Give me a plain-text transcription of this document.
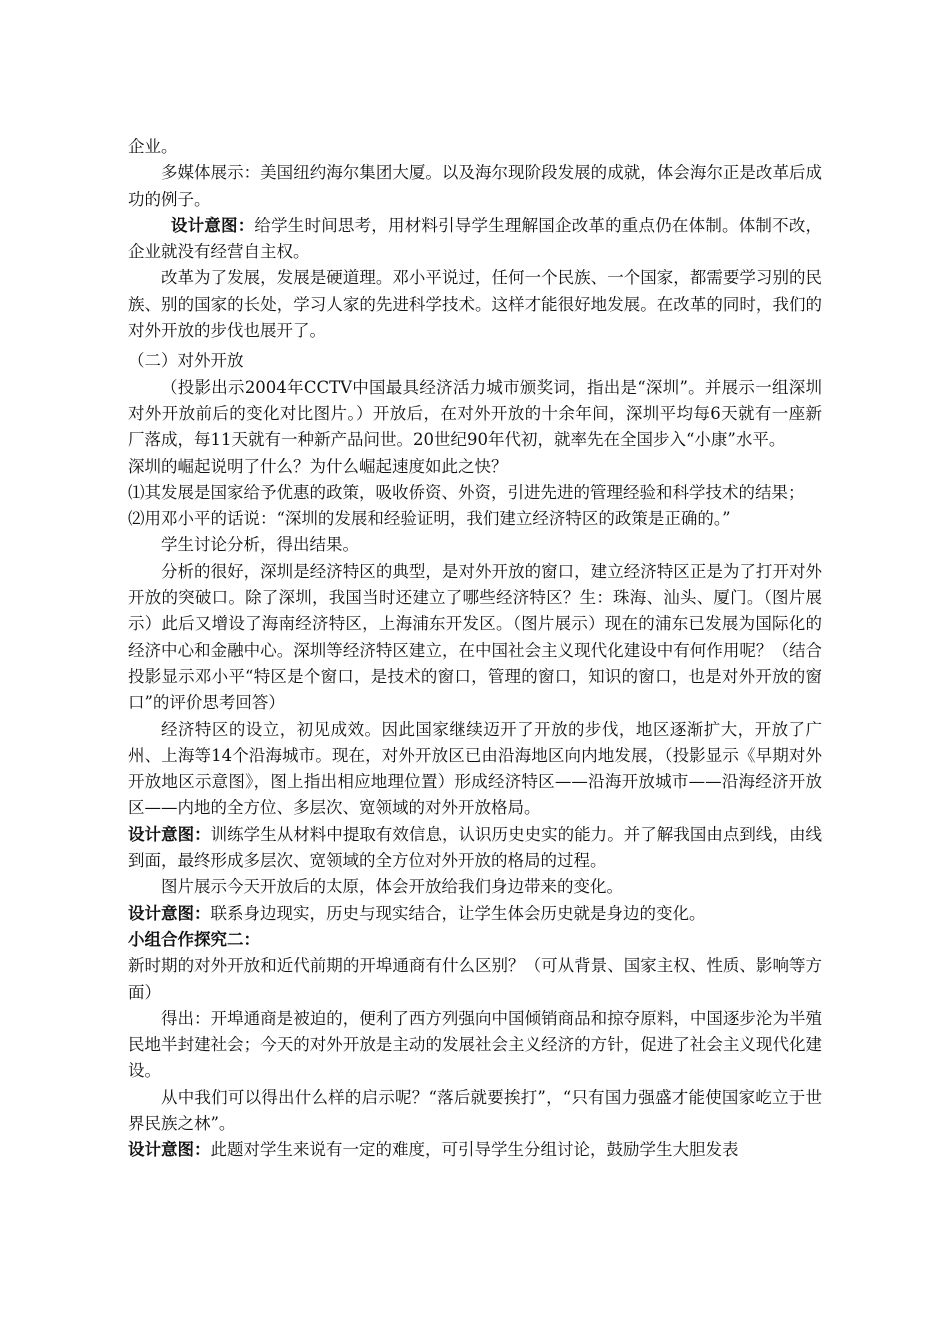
企业。

多媒体展示：美国纽约海尔集团大厦。以及海尔现阶段发展的成就，体会海尔正是改革后成功的例子。

设计意图：给学生时间思考，用材料引导学生理解国企改革的重点仍在体制。体制不改，企业就没有经营自主权。

改革为了发展，发展是硬道理。邓小平说过，任何一个民族、一个国家，都需要学习别的民族、别的国家的长处，学习人家的先进科学技术。这样才能很好地发展。在改革的同时，我们的对外开放的步伐也展开了。

（二）对外开放

（投影出示2004年CCTV中国最具经济活力城市颁奖词，指出是“深圳”。并展示一组深圳对外开放前后的变化对比图片。）开放后，在对外开放的十余年间，深圳平均每6天就有一座新厂落成，每11天就有一种新产品问世。20世纪90年代初，就率先在全国步入“小康”水平。

深圳的崛起说明了什么？为什么崛起速度如此之快？

⑴其发展是国家给予优惠的政策，吸收侨资、外资，引进先进的管理经验和科学技术的结果；

⑵用邓小平的话说：“深圳的发展和经验证明，我们建立经济特区的政策是正确的。”

学生讨论分析，得出结果。

分析的很好，深圳是经济特区的典型，是对外开放的窗口，建立经济特区正是为了打开对外开放的突破口。除了深圳，我国当时还建立了哪些经济特区？生：珠海、汕头、厦门。（图片展示）此后又增设了海南经济特区，上海浦东开发区。（图片展示）现在的浦东已发展为国际化的经济中心和金融中心。深圳等经济特区建立，在中国社会主义现代化建设中有何作用呢？（结合投影显示邓小平“特区是个窗口，是技术的窗口，管理的窗口，知识的窗口，也是对外开放的窗口”的评价思考回答）

经济特区的设立，初见成效。因此国家继续迈开了开放的步伐，地区逐渐扩大，开放了广州、上海等14个沿海城市。现在，对外开放区已由沿海地区向内地发展，（投影显示《早期对外开放地区示意图》，图上指出相应地理位置）形成经济特区——沿海开放城市——沿海经济开放区——内地的全方位、多层次、宽领域的对外开放格局。

设计意图：训练学生从材料中提取有效信息，认识历史史实的能力。并了解我国由点到线，由线到面，最终形成多层次、宽领域的全方位对外开放的格局的过程。

图片展示今天开放后的太原，体会开放给我们身边带来的变化。

设计意图：联系身边现实，历史与现实结合，让学生体会历史就是身边的变化。

小组合作探究二：

新时期的对外开放和近代前期的开埠通商有什么区别？（可从背景、国家主权、性质、影响等方面）

得出：开埠通商是被迫的，便利了西方列强向中国倾销商品和掠夺原料，中国逐步沦为半殖民地半封建社会；今天的对外开放是主动的发展社会主义经济的方针，促进了社会主义现代化建设。

从中我们可以得出什么样的启示呢？“落后就要挨打”，“只有国力强盛才能使国家屹立于世界民族之林”。

设计意图：此题对学生来说有一定的难度，可引导学生分组讨论，鼓励学生大胆发表
